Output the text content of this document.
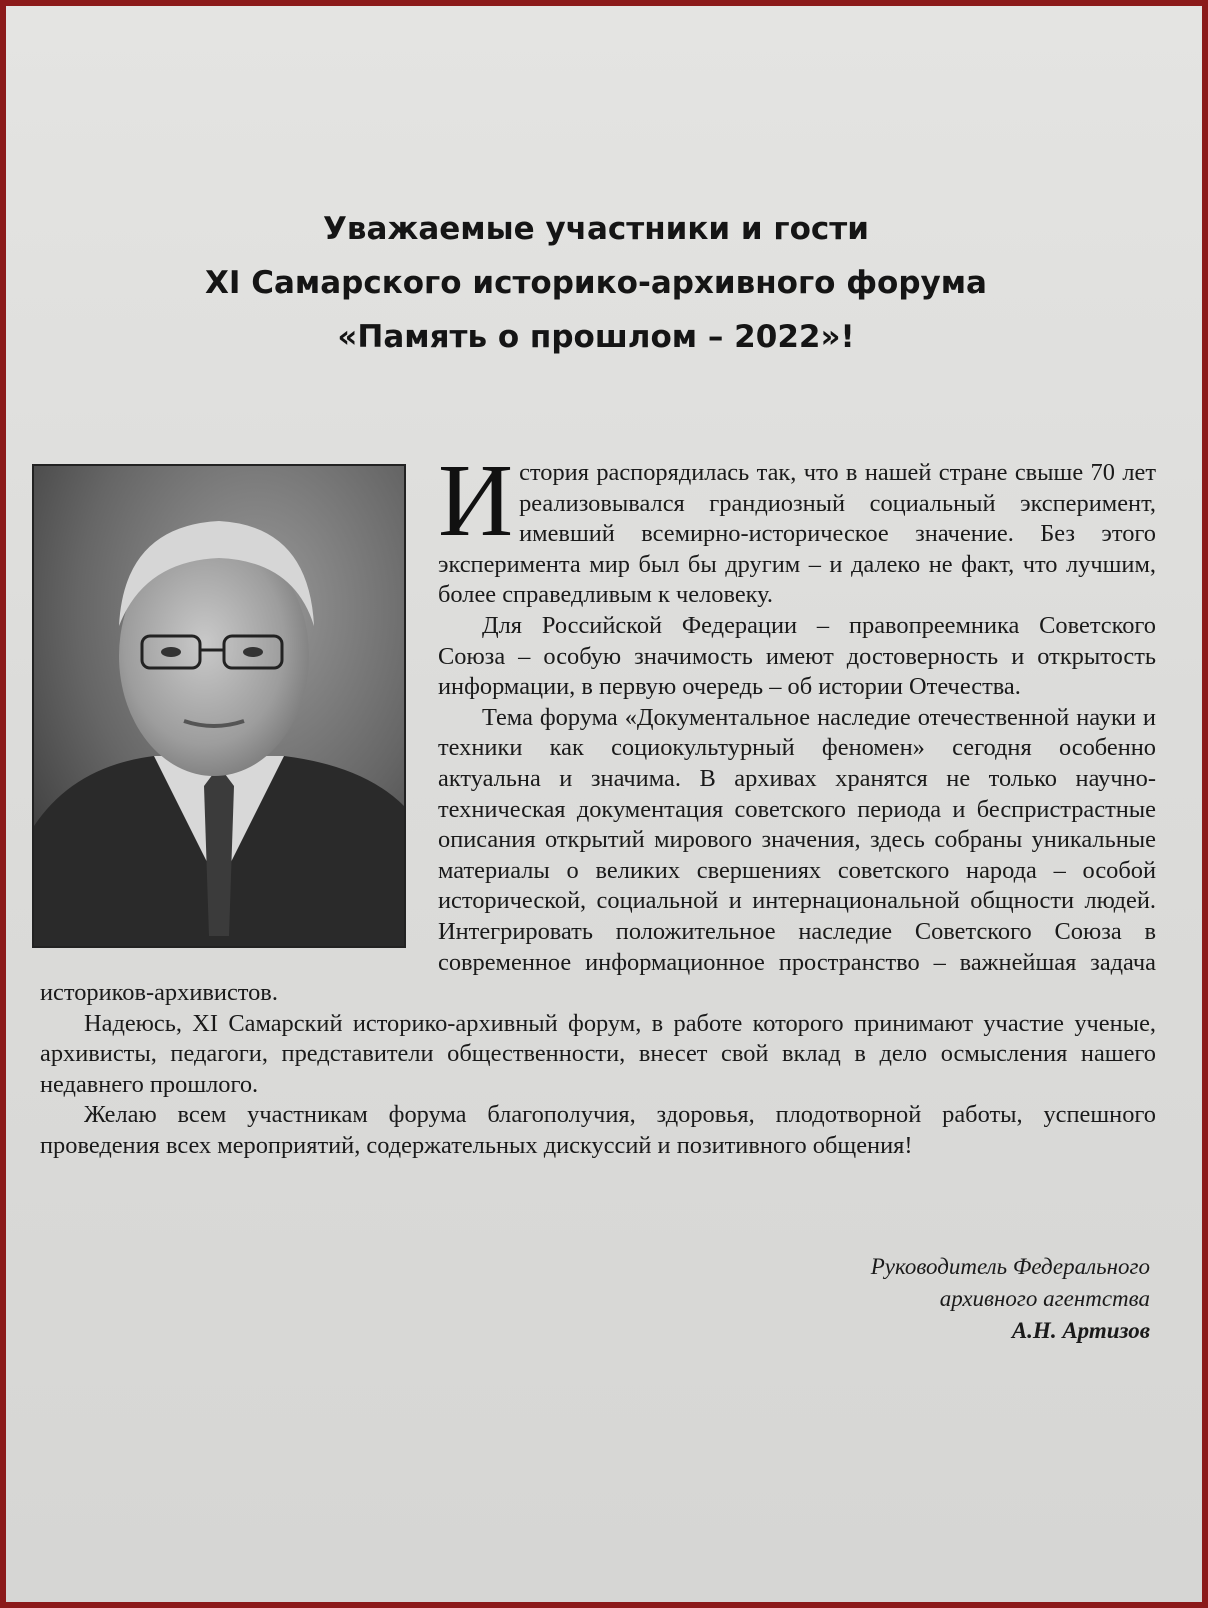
Уважаемые участники и гости
XI Самарского историко-архивного форума
«Память о прошлом – 2022»!

История распорядилась так, что в нашей стране свыше 70 лет реализовывался грандиозный социальный эксперимент, имевший всемирно-историческое значение. Без этого эксперимента мир был бы другим – и далеко не факт, что лучшим, более справедливым к человеку.

Для Российской Федерации – правопреемника Советского Союза – особую значимость имеют достоверность и открытость информации, в первую очередь – об истории Отечества.

Тема форума «Документальное наследие отечественной науки и техники как социокультурный феномен» сегодня особенно актуальна и значима. В архивах хранятся не только научно-техническая документация советского периода и беспристрастные описания открытий мирового значения, здесь собраны уникальные материалы о великих свершениях советского народа – особой исторической, социальной и интернациональной общности людей. Интегрировать положительное наследие Советского Союза в современное информационное пространство – важнейшая задача историков-архивистов.

Надеюсь, XI Самарский историко-архивный форум, в работе которого принимают участие ученые, архивисты, педагоги, представители общественности, внесет свой вклад в дело осмысления нашего недавнего прошлого.

Желаю всем участникам форума благополучия, здоровья, плодотворной работы, успешного проведения всех мероприятий, содержательных дискуссий и позитивного общения!

Руководитель Федерального
архивного агентства
А.Н. Артизов
